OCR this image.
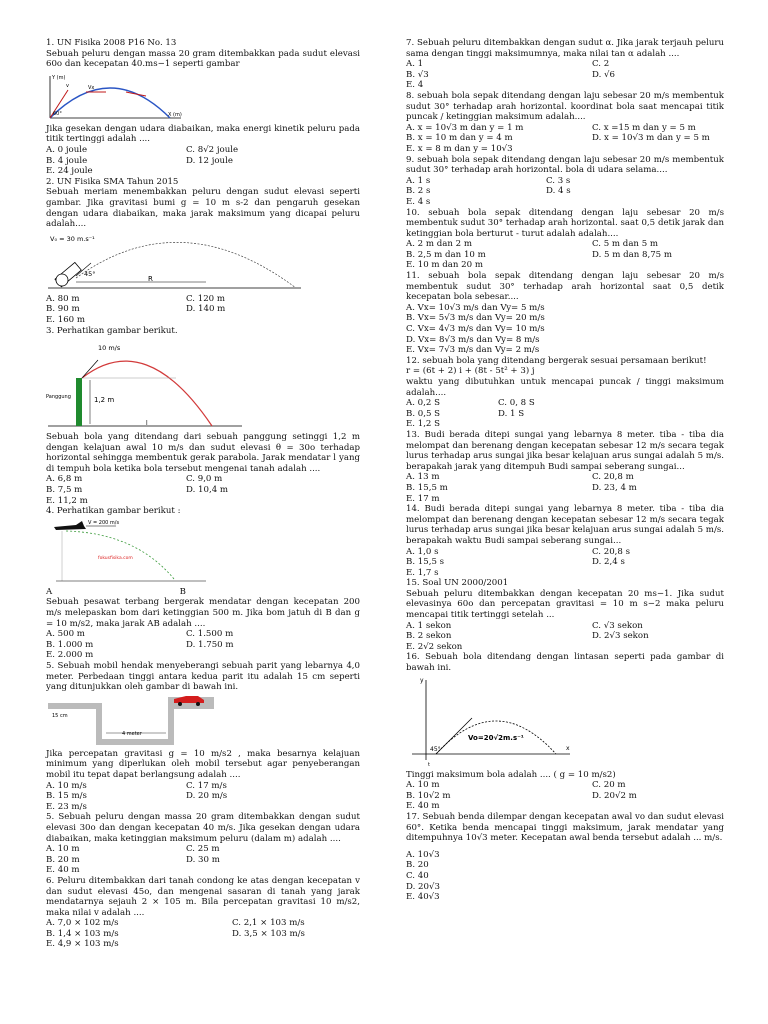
1. UN Fisika 2008 P16 No. 13
Sebuah peluru dengan massa 20 gram ditembakkan pada sudut elevasi 60o dan kecepatan 40.ms−1 seperti gambar
Y (m)
X (m)
v	Vx
60°
Jika gesekan dengan udara diabaikan, maka energi kinetik peluru pada titik tertinggi adalah ....
A. 0 joule	C. 8√2 joule
B. 4 joule	D. 12 joule
E. 24 joule
2. UN Fisika SMA Tahun 2015
Sebuah meriam menembakkan peluru dengan sudut elevasi seperti gambar. Jika gravitasi bumi g = 10 m s-2 dan pengaruh gesekan dengan udara diabaikan, maka jarak maksimum yang dicapai peluru adalah....
V₀ = 30 m.s⁻¹
45°
R
A. 80 m	C. 120 m
B. 90 m	D. 140 m
E. 160 m
3. Perhatikan gambar berikut.
10 m/s
Panggung	1,2 m
l
Sebuah bola yang ditendang dari sebuah panggung setinggi 1,2 m dengan kelajuan awal 10 m/s dan sudut elevasi θ = 30o terhadap horizontal sehingga membentuk gerak parabola. Jarak mendatar l yang di tempuh bola ketika bola tersebut mengenai tanah adalah ....
A. 6,8 m	C. 9,0 m
B. 7,5 m	D. 10,4 m
E. 11,2 m
4. Perhatikan gambar berikut :
V = 200 m/s
fokusfisika.com
A	B
Sebuah pesawat terbang bergerak mendatar dengan kecepatan 200 m/s melepaskan bom dari ketinggian 500 m. Jika bom jatuh di B dan g = 10 m/s2, maka jarak AB adalah ....
A. 500 m	C. 1.500 m
B. 1.000 m	D. 1.750 m
E. 2.000 m
5. Sebuah mobil hendak menyeberangi sebuah parit yang lebarnya 4,0 meter. Perbedaan tinggi antara kedua parit itu adalah 15 cm seperti yang ditunjukkan oleh gambar di bawah ini.
15 cm
4 meter
Jika percepatan gravitasi g = 10 m/s2 , maka besarnya kelajuan minimum yang diperlukan oleh mobil tersebut agar penyeberangan mobil itu tepat dapat berlangsung adalah ....
A. 10 m/s	C. 17 m/s
B. 15 m/s	D. 20 m/s
E. 23 m/s
5. Sebuah peluru dengan massa 20 gram ditembakkan dengan sudut elevasi 30o dan dengan kecepatan 40 m/s. Jika gesekan dengan udara diabaikan, maka ketinggian maksimum peluru (dalam m) adalah ....
A. 10 m	C. 25 m
B. 20 m	D. 30 m
E. 40 m
6. Peluru ditembakkan dari tanah condong ke atas dengan kecepatan v dan sudut elevasi 45o, dan mengenai sasaran di tanah yang jarak mendatarnya sejauh 2 × 105 m. Bila percepatan gravitasi 10 m/s2, maka nilai v adalah ....
A. 7,0 × 102 m/s	C. 2,1 × 103 m/s
B. 1,4 × 103 m/s	D. 3,5 × 103 m/s
E. 4,9 × 103 m/s
7. Sebuah peluru ditembakkan dengan sudut α. Jika jarak terjauh peluru sama dengan tinggi maksimumnya, maka nilai tan α adalah ....
A. 1	C. 2
B. √3	D. √6
E. 4
8. sebuah bola sepak ditendang dengan laju sebesar 20 m/s membentuk sudut 30° terhadap arah horizontal. koordinat bola saat mencapai titik puncak / ketinggian maksimum adalah....
A. x = 10√3 m dan y = 1 m	C. x =15 m dan y = 5 m
B. x = 10 m dan y = 4 m	D. x = 10√3 m dan y = 5 m
E. x = 8 m dan y = 10√3
9. sebuah bola sepak ditendang dengan laju sebesar 20 m/s membentuk sudut 30° terhadap arah horizontal. bola di udara selama....
A. 1 s	C. 3 s
B. 2 s	D. 4 s
E. 4 s
10. sebuah bola sepak ditendang dengan laju sebesar 20 m/s membentuk sudut 30° terhadap arah horizontal. saat 0,5 detik jarak dan ketinggian bola berturut - turut adalah adalah....
A. 2 m dan 2 m	C. 5 m dan 5 m
B. 2,5 m dan 10 m	D. 5 m dan 8,75 m
E. 10 m dan 20 m
11. sebuah bola sepak ditendang dengan laju sebesar 20 m/s membentuk sudut 30° terhadap arah horizontal saat 0,5 detik kecepatan bola sebesar....
A. Vx= 10√3 m/s dan Vy= 5 m/s
B. Vx= 5√3 m/s dan Vy= 20 m/s
C. Vx= 4√3 m/s dan Vy= 10 m/s
D. Vx= 8√3 m/s dan Vy= 8 m/s
E. Vx= 7√3 m/s dan Vy= 2 m/s
12. sebuah bola yang ditendang bergerak sesuai persamaan berikut!
r = (6t + 2) i + (8t - 5t² + 3) j
waktu yang dibutuhkan untuk mencapai puncak / tinggi maksimum adalah....
A. 0,2 S	C. 0, 8 S
B. 0,5 S	D. 1 S
E. 1,2 S
13. Budi berada ditepi sungai yang lebarnya 8 meter. tiba - tiba dia melompat dan berenang dengan kecepatan sebesar 12 m/s secara tegak lurus terhadap arus sungai jika besar kelajuan arus sungai adalah 5 m/s. berapakah jarak yang ditempuh Budi sampai seberang sungai...
A. 13 m	C. 20,8 m
B. 15,5 m	D. 23, 4 m
E. 17 m
14. Budi berada ditepi sungai yang lebarnya 8 meter. tiba - tiba dia melompat dan berenang dengan kecepatan sebesar 12 m/s secara tegak lurus terhadap arus sungai jika besar kelajuan arus sungai adalah 5 m/s. berapakah waktu Budi sampai seberang sungai...
A. 1,0 s	C. 20,8 s
B. 15,5 s	D. 2,4 s
E. 1,7 s
15. Soal UN 2000/2001
Sebuah peluru ditembakkan dengan kecepatan 20 ms−1. Jika sudut elevasinya 60o dan percepatan gravitasi = 10 m s−2 maka peluru mencapai titik tertinggi setelah ...
A. 1 sekon	C. √3 sekon
B. 2 sekon	D. 2√3 sekon
E. 2√2 sekon
16. Sebuah bola ditendang dengan lintasan seperti pada gambar di bawah ini.
y
x
Vo=20√2m.s⁻¹
45°
t
Tinggi maksimum bola adalah .... ( g = 10 m/s2)
A. 10 m	C. 20 m
B. 10√2 m	D. 20√2 m
E. 40 m
17. Sebuah benda dilempar dengan kecepatan awal vo dan sudut elevasi 60°. Ketika benda mencapai tinggi maksimum, jarak mendatar yang ditempuhnya 10√3 meter. Kecepatan awal benda tersebut adalah ... m/s.
A. 10√3
B. 20
C. 40
D. 20√3
E. 40√3
